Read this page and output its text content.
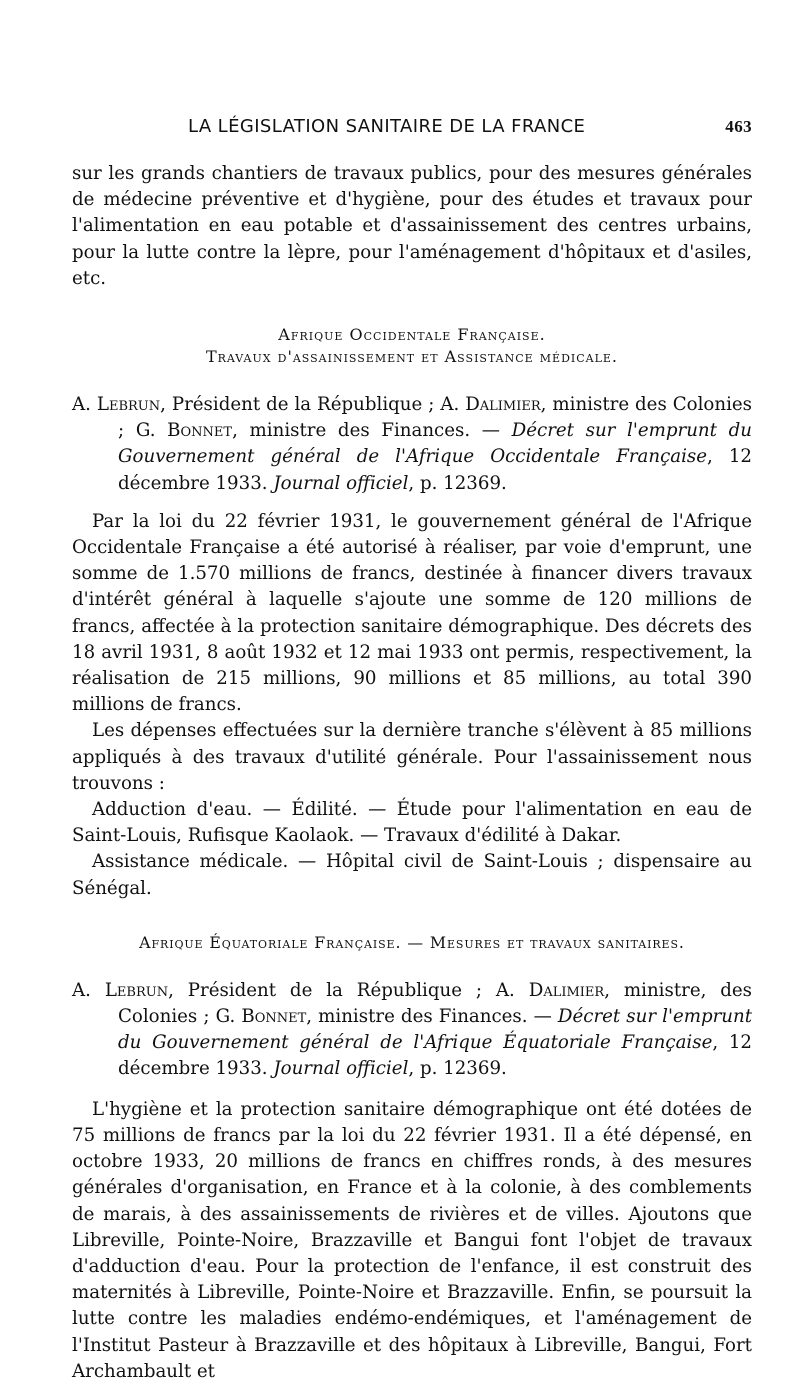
LA LÉGISLATION SANITAIRE DE LA FRANCE	463

sur les grands chantiers de travaux publics, pour des mesures générales de médecine préventive et d'hygiène, pour des études et travaux pour l'alimentation en eau potable et d'assainissement des centres urbains, pour la lutte contre la lèpre, pour l'aménagement d'hôpitaux et d'asiles, etc.

Afrique Occidentale Française.
Travaux d'assainissement et Assistance médicale.

A. Lebrun, Président de la République ; A. Dalimier, ministre des Colonies ; G. Bonnet, ministre des Finances. — Décret sur l'emprunt du Gouvernement général de l'Afrique Occidentale Française, 12 décembre 1933. Journal officiel, p. 12369.

Par la loi du 22 février 1931, le gouvernement général de l'Afrique Occidentale Française a été autorisé à réaliser, par voie d'emprunt, une somme de 1.570 millions de francs, destinée à financer divers travaux d'intérêt général à laquelle s'ajoute une somme de 120 millions de francs, affectée à la protection sanitaire démographique. Des décrets des 18 avril 1931, 8 août 1932 et 12 mai 1933 ont permis, respectivement, la réalisation de 215 millions, 90 millions et 85 millions, au total 390 millions de francs.

Les dépenses effectuées sur la dernière tranche s'élèvent à 85 millions appliqués à des travaux d'utilité générale. Pour l'assainissement nous trouvons :

Adduction d'eau. — Édilité. — Étude pour l'alimentation en eau de Saint-Louis, Rufisque Kaolaok. — Travaux d'édilité à Dakar.

Assistance médicale. — Hôpital civil de Saint-Louis ; dispensaire au Sénégal.

Afrique Équatoriale Française. — Mesures et travaux sanitaires.

A. Lebrun, Président de la République ; A. Dalimier, ministre, des Colonies ; G. Bonnet, ministre des Finances. — Décret sur l'emprunt du Gouvernement général de l'Afrique Équatoriale Française, 12 décembre 1933. Journal officiel, p. 12369.

L'hygiène et la protection sanitaire démographique ont été dotées de 75 millions de francs par la loi du 22 février 1931. Il a été dépensé, en octobre 1933, 20 millions de francs en chiffres ronds, à des mesures générales d'organisation, en France et à la colonie, à des comblements de marais, à des assainissements de rivières et de villes. Ajoutons que Libreville, Pointe-Noire, Brazzaville et Bangui font l'objet de travaux d'adduction d'eau. Pour la protection de l'enfance, il est construit des maternités à Libreville, Pointe-Noire et Brazzaville. Enfin, se poursuit la lutte contre les maladies endémo-endémiques, et l'aménagement de l'Institut Pasteur à Brazzaville et des hôpitaux à Libreville, Bangui, Fort Archambault et
